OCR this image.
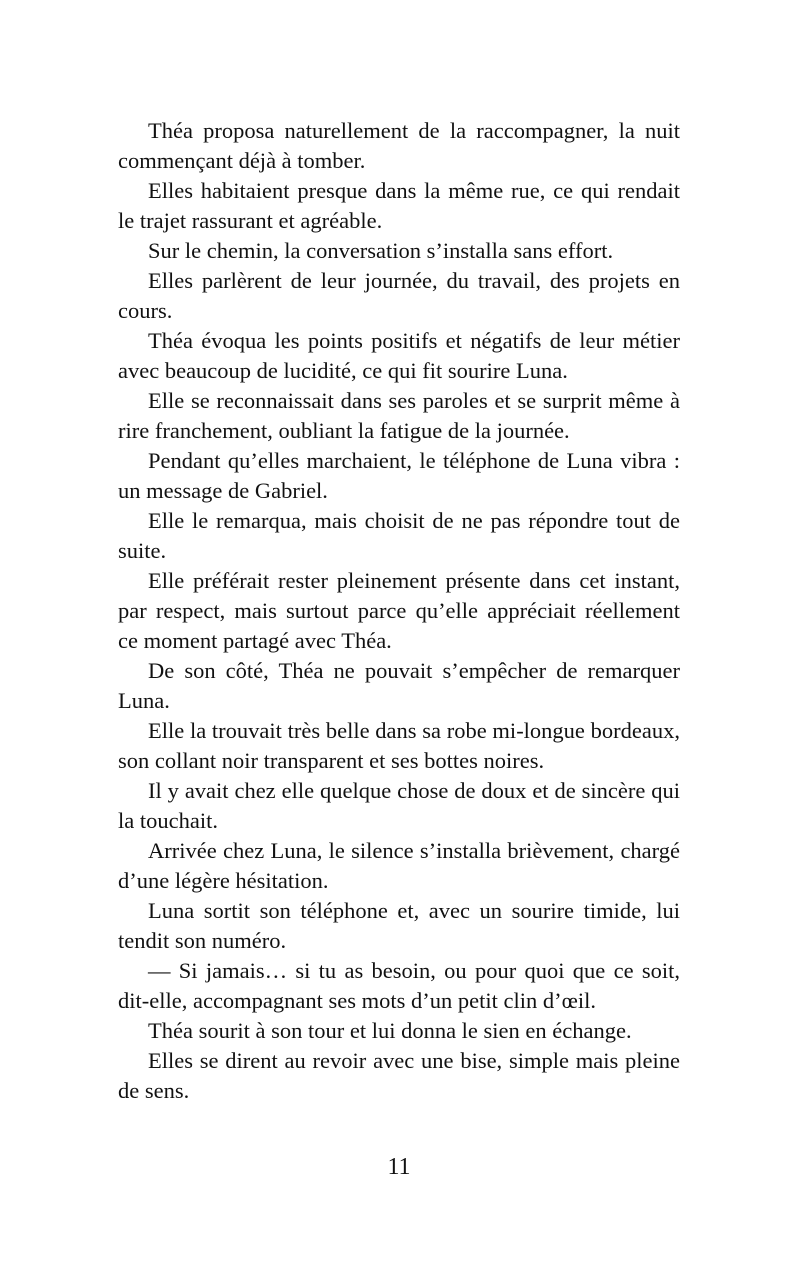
Théa proposa naturellement de la raccompagner, la nuit commençant déjà à tomber.

Elles habitaient presque dans la même rue, ce qui rendait le trajet rassurant et agréable.

Sur le chemin, la conversation s’installa sans effort.

Elles parlèrent de leur journée, du travail, des projets en cours.

Théa évoqua les points positifs et négatifs de leur métier avec beaucoup de lucidité, ce qui fit sourire Luna.

Elle se reconnaissait dans ses paroles et se surprit même à rire franchement, oubliant la fatigue de la journée.

Pendant qu’elles marchaient, le téléphone de Luna vibra : un message de Gabriel.

Elle le remarqua, mais choisit de ne pas répondre tout de suite.

Elle préférait rester pleinement présente dans cet instant, par respect, mais surtout parce qu’elle appréciait réellement ce moment partagé avec Théa.

De son côté, Théa ne pouvait s’empêcher de remarquer Luna.

Elle la trouvait très belle dans sa robe mi-longue bordeaux, son collant noir transparent et ses bottes noires.

Il y avait chez elle quelque chose de doux et de sincère qui la touchait.

Arrivée chez Luna, le silence s’installa brièvement, chargé d’une légère hésitation.

Luna sortit son téléphone et, avec un sourire timide, lui tendit son numéro.

— Si jamais… si tu as besoin, ou pour quoi que ce soit, dit-elle, accompagnant ses mots d’un petit clin d’œil.

Théa sourit à son tour et lui donna le sien en échange.

Elles se dirent au revoir avec une bise, simple mais pleine de sens.

11
